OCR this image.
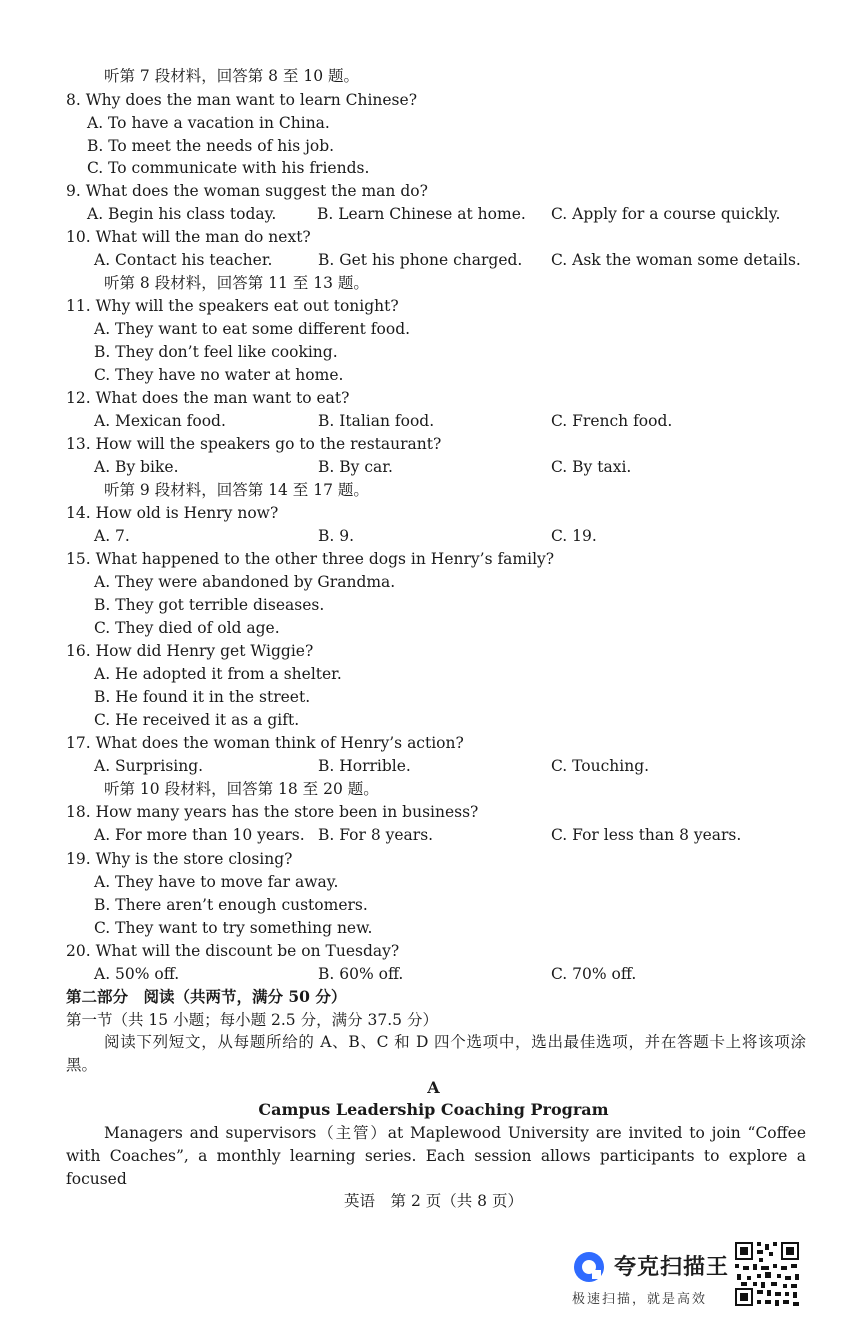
听第 7 段材料，回答第 8 至 10 题。
8. Why does the man want to learn Chinese?
A. To have a vacation in China.
B. To meet the needs of his job.
C. To communicate with his friends.
9. What does the woman suggest the man do?
A. Begin his class today.	B. Learn Chinese at home. C. Apply for a course quickly.
10. What will the man do next?
A. Contact his teacher.	B. Get his phone charged. C. Ask the woman some details.
听第 8 段材料，回答第 11 至 13 题。
11. Why will the speakers eat out tonight?
A. They want to eat some different food.
B. They don’t feel like cooking.
C. They have no water at home.
12. What does the man want to eat?
A. Mexican food.	B. Italian food.	C. French food.
13. How will the speakers go to the restaurant?
A. By bike.	B. By car.	C. By taxi.
听第 9 段材料，回答第 14 至 17 题。
14. How old is Henry now?
A. 7.	B. 9.	C. 19.
15. What happened to the other three dogs in Henry’s family?
A. They were abandoned by Grandma.
B. They got terrible diseases.
C. They died of old age.
16. How did Henry get Wiggie?
A. He adopted it from a shelter.
B. He found it in the street.
C. He received it as a gift.
17. What does the woman think of Henry’s action?
A. Surprising.	B. Horrible.	C. Touching.
听第 10 段材料，回答第 18 至 20 题。
18. How many years has the store been in business?
A. For more than 10 years. B. For 8 years.	C. For less than 8 years.
19. Why is the store closing?
A. They have to move far away.
B. There aren’t enough customers.
C. They want to try something new.
20. What will the discount be on Tuesday?
A. 50% off.	B. 60% off.	C. 70% off.
第二部分　阅读（共两节，满分 50 分）
第一节（共 15 小题；每小题 2.5 分，满分 37.5 分）
阅读下列短文，从每题所给的 A、B、C 和 D 四个选项中，选出最佳选项，并在答题卡上将该项涂黑。
A
Campus Leadership Coaching Program
Managers and supervisors（主管）at Maplewood University are invited to join “Coffee with Coaches”, a monthly learning series. Each session allows participants to explore a focused
英语　第 2 页（共 8 页）
夸克扫描王
极速扫描，就是高效
